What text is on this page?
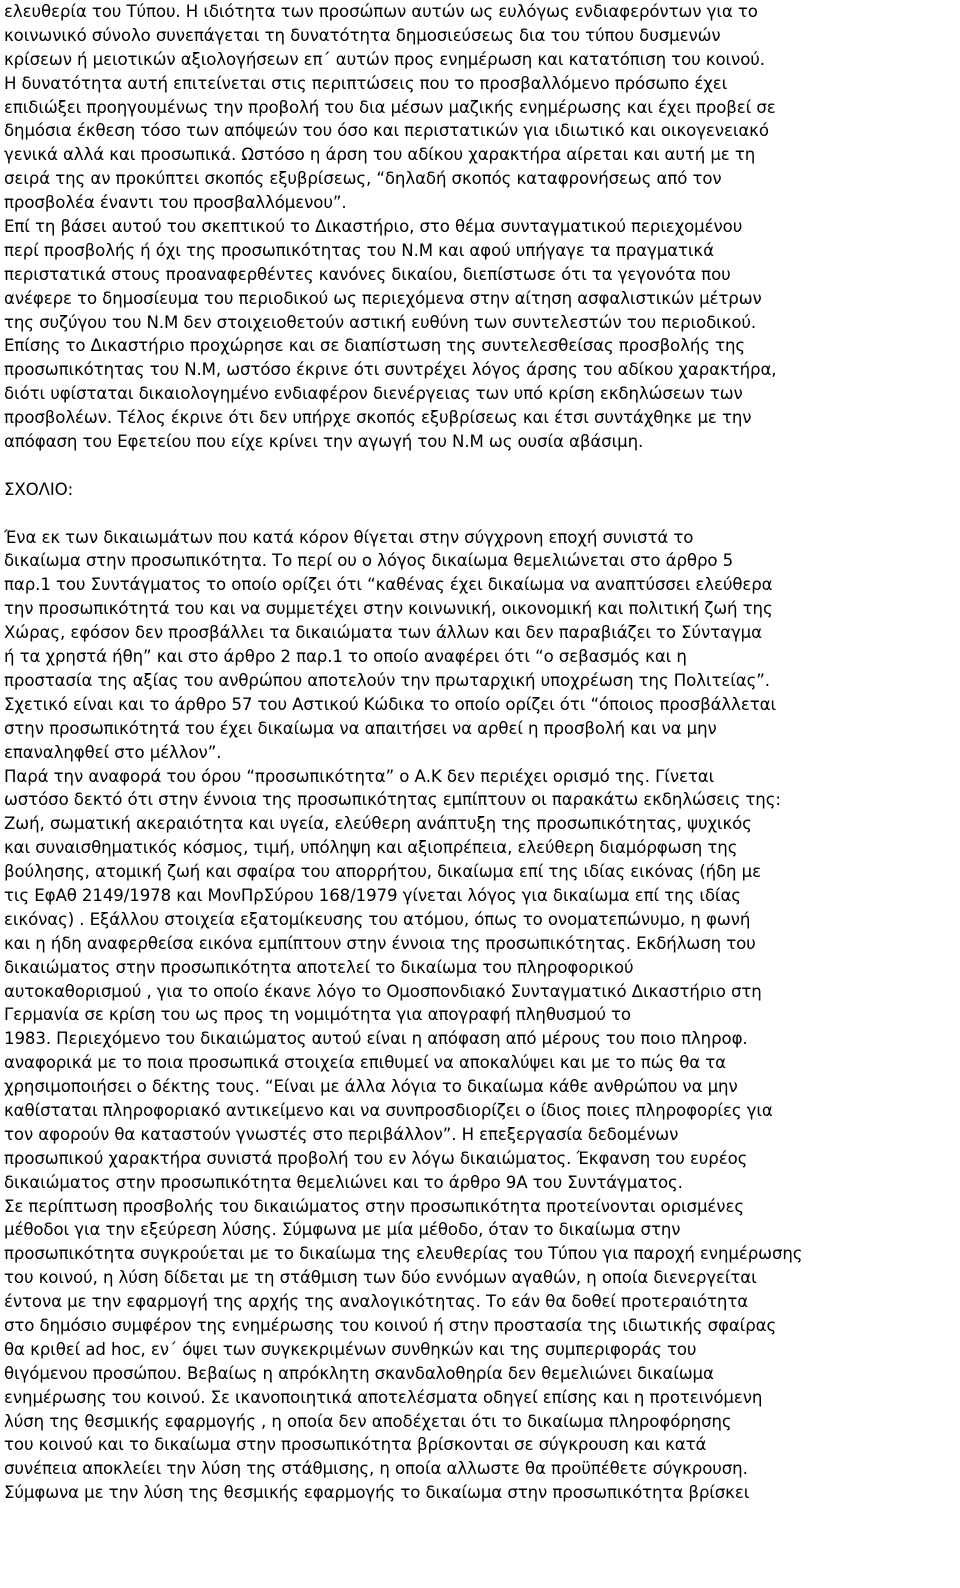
ελευθερία του Τύπου. Η ιδιότητα των προσώπων αυτών ως ευλόγως ενδιαφερόντων για το
κοινωνικό σύνολο συνεπάγεται τη δυνατότητα δημοσιεύσεως δια του τύπου δυσμενών
κρίσεων ή μειοτικών αξιολογήσεων επ΄ αυτών προς ενημέρωση και κατατόπιση του κοινού.
Η δυνατότητα αυτή επιτείνεται στις περιπτώσεις που το προσβαλλόμενο πρόσωπο έχει
επιδιώξει προηγουμένως την προβολή του δια μέσων μαζικής ενημέρωσης και έχει προβεί σε
δημόσια έκθεση τόσο των απόψεών του όσο και περιστατικών για ιδιωτικό και οικογενειακό
γενικά αλλά και προσωπικά. Ωστόσο η άρση του αδίκου χαρακτήρα αίρεται και αυτή με τη
σειρά της αν προκύπτει σκοπός εξυβρίσεως, “δηλαδή σκοπός καταφρονήσεως από τον
προσβολέα έναντι του προσβαλλόμενου”.
Επί τη βάσει αυτού του σκεπτικού το Δικαστήριο, στο θέμα συνταγματικού περιεχομένου
περί προσβολής ή όχι της προσωπικότητας του Ν.Μ και αφού υπήγαγε τα πραγματικά
περιστατικά στους προαναφερθέντες κανόνες δικαίου, διεπίστωσε ότι τα γεγονότα που
ανέφερε το δημοσίευμα του περιοδικού ως περιεχόμενα στην αίτηση ασφαλιστικών μέτρων
της συζύγου του Ν.Μ δεν στοιχειοθετούν αστική ευθύνη των συντελεστών του περιοδικού.
Επίσης το Δικαστήριο προχώρησε και σε διαπίστωση της συντελεσθείσας προσβολής της
προσωπικότητας του Ν.Μ, ωστόσο έκρινε ότι συντρέχει λόγος άρσης του αδίκου χαρακτήρα,
διότι υφίσταται δικαιολογημένο ενδιαφέρον διενέργειας των υπό κρίση εκδηλώσεων των
προσβολέων. Τέλος έκρινε ότι δεν υπήρχε σκοπός εξυβρίσεως και έτσι συντάχθηκε με την
απόφαση του Εφετείου που είχε κρίνει την αγωγή του Ν.Μ ως ουσία αβάσιμη.
ΣΧΟΛΙΟ:
Ένα εκ των δικαιωμάτων που κατά κόρον θίγεται στην σύγχρονη εποχή συνιστά το
δικαίωμα στην προσωπικότητα. Το περί ου ο λόγος δικαίωμα θεμελιώνεται στο άρθρο 5
παρ.1 του Συντάγματος το οποίο ορίζει ότι “καθένας έχει δικαίωμα να αναπτύσσει ελεύθερα
την προσωπικότητά του και να συμμετέχει στην κοινωνική, οικονομική και πολιτική ζωή της
Χώρας, εφόσον δεν προσβάλλει τα δικαιώματα των άλλων και δεν παραβιάζει το Σύνταγμα
ή τα χρηστά ήθη” και στο άρθρο 2 παρ.1 το οποίο αναφέρει ότι “ο σεβασμός και η
προστασία της αξίας του ανθρώπου αποτελούν την πρωταρχική υποχρέωση της Πολιτείας”.
Σχετικό είναι και το άρθρο 57 του Αστικού Κώδικα το οποίο ορίζει ότι “όποιος προσβάλλεται
στην προσωπικότητά του έχει δικαίωμα να απαιτήσει να αρθεί η προσβολή και να μην
επαναληφθεί στο μέλλον”.
Παρά την αναφορά του όρου “προσωπικότητα” ο Α.Κ δεν περιέχει ορισμό της. Γίνεται
ωστόσο δεκτό ότι στην έννοια της προσωπικότητας εμπίπτουν οι παρακάτω εκδηλώσεις της:
Ζωή, σωματική ακεραιότητα και υγεία, ελεύθερη ανάπτυξη της προσωπικότητας, ψυχικός
και συναισθηματικός κόσμος, τιμή, υπόληψη και αξιοπρέπεια, ελεύθερη διαμόρφωση της
βούλησης, ατομική ζωή και σφαίρα του απορρήτου, δικαίωμα επί της ιδίας εικόνας (ήδη με
τις ΕφΑθ 2149/1978 και ΜονΠρΣύρου 168/1979 γίνεται λόγος για δικαίωμα επί της ιδίας
εικόνας) . Εξάλλου στοιχεία εξατομίκευσης του ατόμου, όπως το ονοματεπώνυμο, η φωνή
και η ήδη αναφερθείσα εικόνα εμπίπτουν στην έννοια της προσωπικότητας. Εκδήλωση του
δικαιώματος στην προσωπικότητα αποτελεί το δικαίωμα του πληροφορικού
αυτοκαθορισμού , για το οποίο έκανε λόγο το Ομοσπονδιακό Συνταγματικό Δικαστήριο στη
Γερμανία σε κρίση του ως προς τη νομιμότητα για απογραφή πληθυσμού το
1983. Περιεχόμενο του δικαιώματος αυτού είναι η απόφαση από μέρους του ποιο πληροφ.
αναφορικά με το ποια προσωπικά στοιχεία επιθυμεί να αποκαλύψει και με το πώς θα τα
χρησιμοποιήσει ο δέκτης τους. “Είναι με άλλα λόγια το δικαίωμα κάθε ανθρώπου να μην
καθίσταται πληροφοριακό αντικείμενο και να συνπροσδιορίζει ο ίδιος ποιες πληροφορίες για
τον αφορούν θα καταστούν γνωστές στο περιβάλλον”. Η επεξεργασία δεδομένων
προσωπικού χαρακτήρα συνιστά προβολή του εν λόγω δικαιώματος. Έκφανση του ευρέος
δικαιώματος στην προσωπικότητα θεμελιώνει και το άρθρο 9Α του Συντάγματος.
Σε περίπτωση προσβολής του δικαιώματος στην προσωπικότητα προτείνονται ορισμένες
μέθοδοι για την εξεύρεση λύσης. Σύμφωνα με μία μέθοδο, όταν το δικαίωμα στην
προσωπικότητα συγκρούεται με το δικαίωμα της ελευθερίας του Τύπου για παροχή ενημέρωσης
του κοινού, η λύση δίδεται με τη στάθμιση των δύο εννόμων αγαθών, η οποία διενεργείται
έντονα με την εφαρμογή της αρχής της αναλογικότητας. Το εάν θα δοθεί προτεραιότητα
στο δημόσιο συμφέρον της ενημέρωσης του κοινού ή στην προστασία της ιδιωτικής σφαίρας
θα κριθεί ad hoc, εν΄ όψει των συγκεκριμένων συνθηκών και της συμπεριφοράς του
θιγόμενου προσώπου. Βεβαίως η απρόκλητη σκανδαλοθηρία δεν θεμελιώνει δικαίωμα
ενημέρωσης του κοινού. Σε ικανοποιητικά αποτελέσματα οδηγεί επίσης και η προτεινόμενη
λύση της θεσμικής εφαρμογής , η οποία δεν αποδέχεται ότι το δικαίωμα πληροφόρησης
του κοινού και το δικαίωμα στην προσωπικότητα βρίσκονται σε σύγκρουση και κατά
συνέπεια αποκλείει την λύση της στάθμισης, η οποία αλλωστε θα προϋπέθετε σύγκρουση.
Σύμφωνα με την λύση της θεσμικής εφαρμογής το δικαίωμα στην προσωπικότητα βρίσκει
